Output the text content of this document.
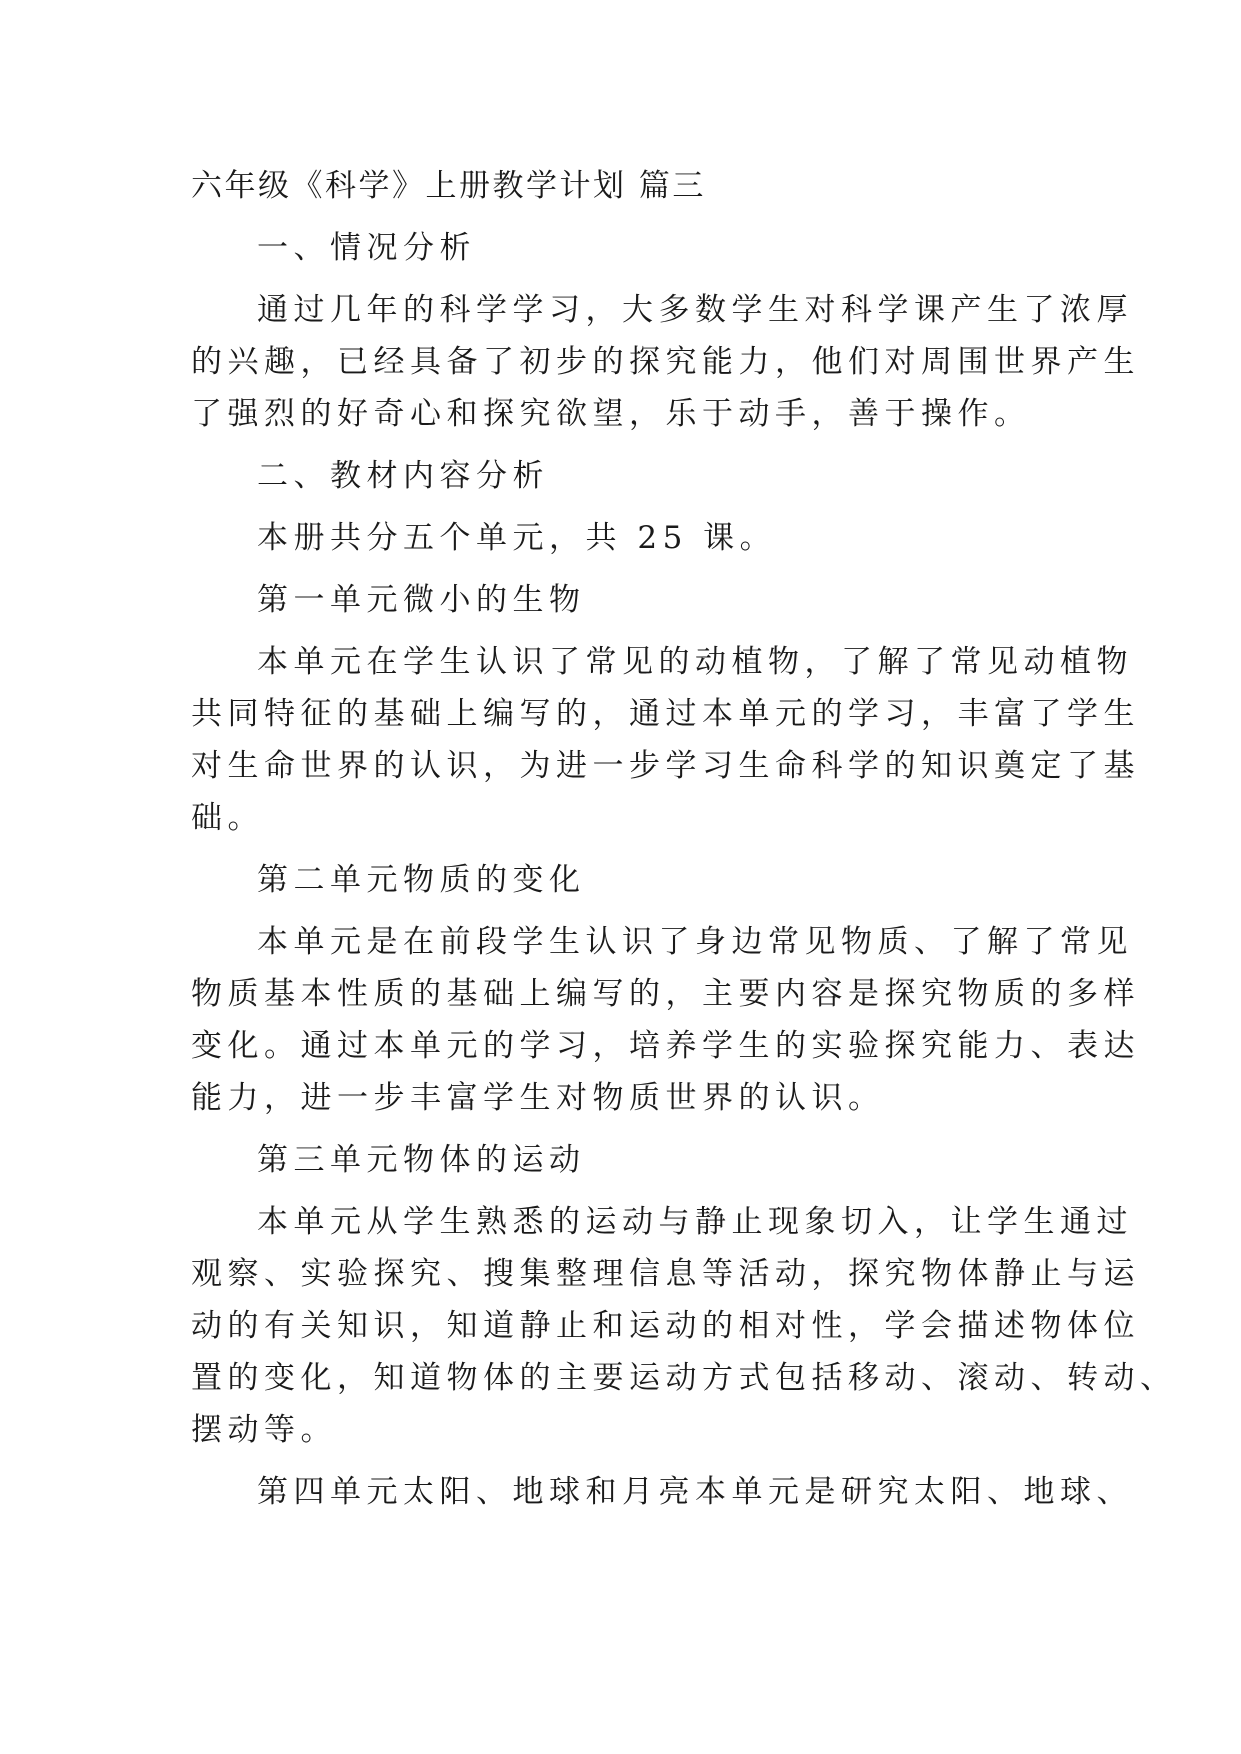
六年级《科学》上册教学计划 篇三
一、情况分析
通过几年的科学学习，大多数学生对科学课产生了浓厚
的兴趣，已经具备了初步的探究能力，他们对周围世界产生
了强烈的好奇心和探究欲望，乐于动手，善于操作。
二、教材内容分析
本册共分五个单元，共 25 课。
第一单元微小的生物
本单元在学生认识了常见的动植物，了解了常见动植物
共同特征的基础上编写的，通过本单元的学习，丰富了学生
对生命世界的认识，为进一步学习生命科学的知识奠定了基
础。
第二单元物质的变化
本单元是在前段学生认识了身边常见物质、了解了常见
物质基本性质的基础上编写的，主要内容是探究物质的多样
变化。通过本单元的学习，培养学生的实验探究能力、表达
能力，进一步丰富学生对物质世界的认识。
第三单元物体的运动
本单元从学生熟悉的运动与静止现象切入，让学生通过
观察、实验探究、搜集整理信息等活动，探究物体静止与运
动的有关知识，知道静止和运动的相对性，学会描述物体位
置的变化，知道物体的主要运动方式包括移动、滚动、转动、
摆动等。
第四单元太阳、地球和月亮本单元是研究太阳、地球、
